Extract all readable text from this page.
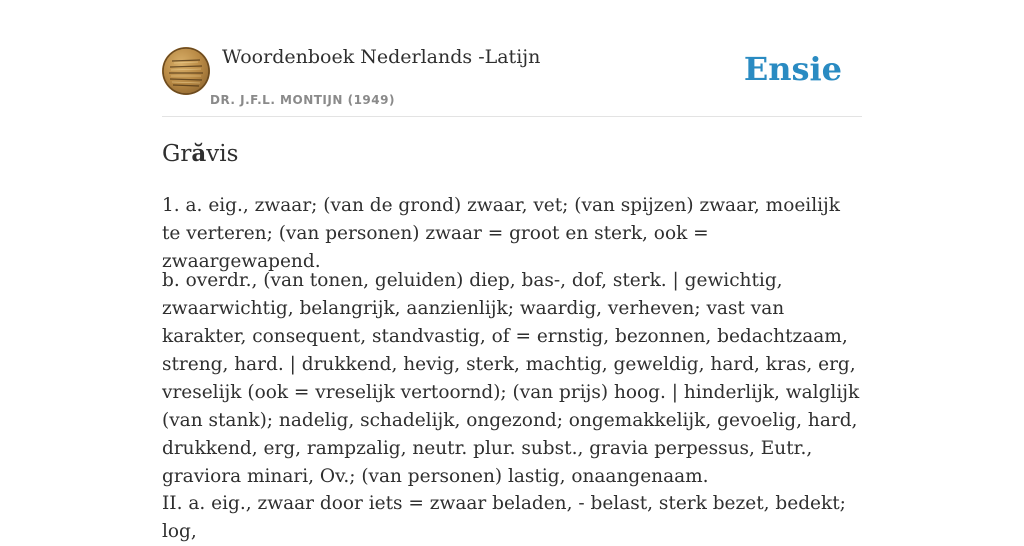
Woordenboek Nederlands -Latijn
DR. J.F.L. MONTIJN (1949)
Ensie
Grăvis

1. a. eig., zwaar; (van de grond) zwaar, vet; (van spijzen) zwaar, moeilijk te verteren; (van personen) zwaar = groot en sterk, ook = zwaargewapend.

b. overdr., (van tonen, geluiden) diep, bas-, dof, sterk. | gewichtig, zwaarwichtig, belangrijk, aanzienlijk; waardig, verheven; vast van karakter, consequent, standvastig, of = ernstig, bezonnen, bedachtzaam, streng, hard. | drukkend, hevig, sterk, machtig, geweldig, hard, kras, erg, vreselijk (ook = vreselijk vertoornd); (van prijs) hoog. | hinderlijk, walglijk (van stank); nadelig, schadelijk, ongezond; ongemakkelijk, gevoelig, hard, drukkend, erg, rampzalig, neutr. plur. subst., gravia perpessus, Eutr., graviora minari, Ov.; (van personen) lastig, onaangenaam.

II. a. eig., zwaar door iets = zwaar beladen, - belast, sterk bezet, bedekt; log,
